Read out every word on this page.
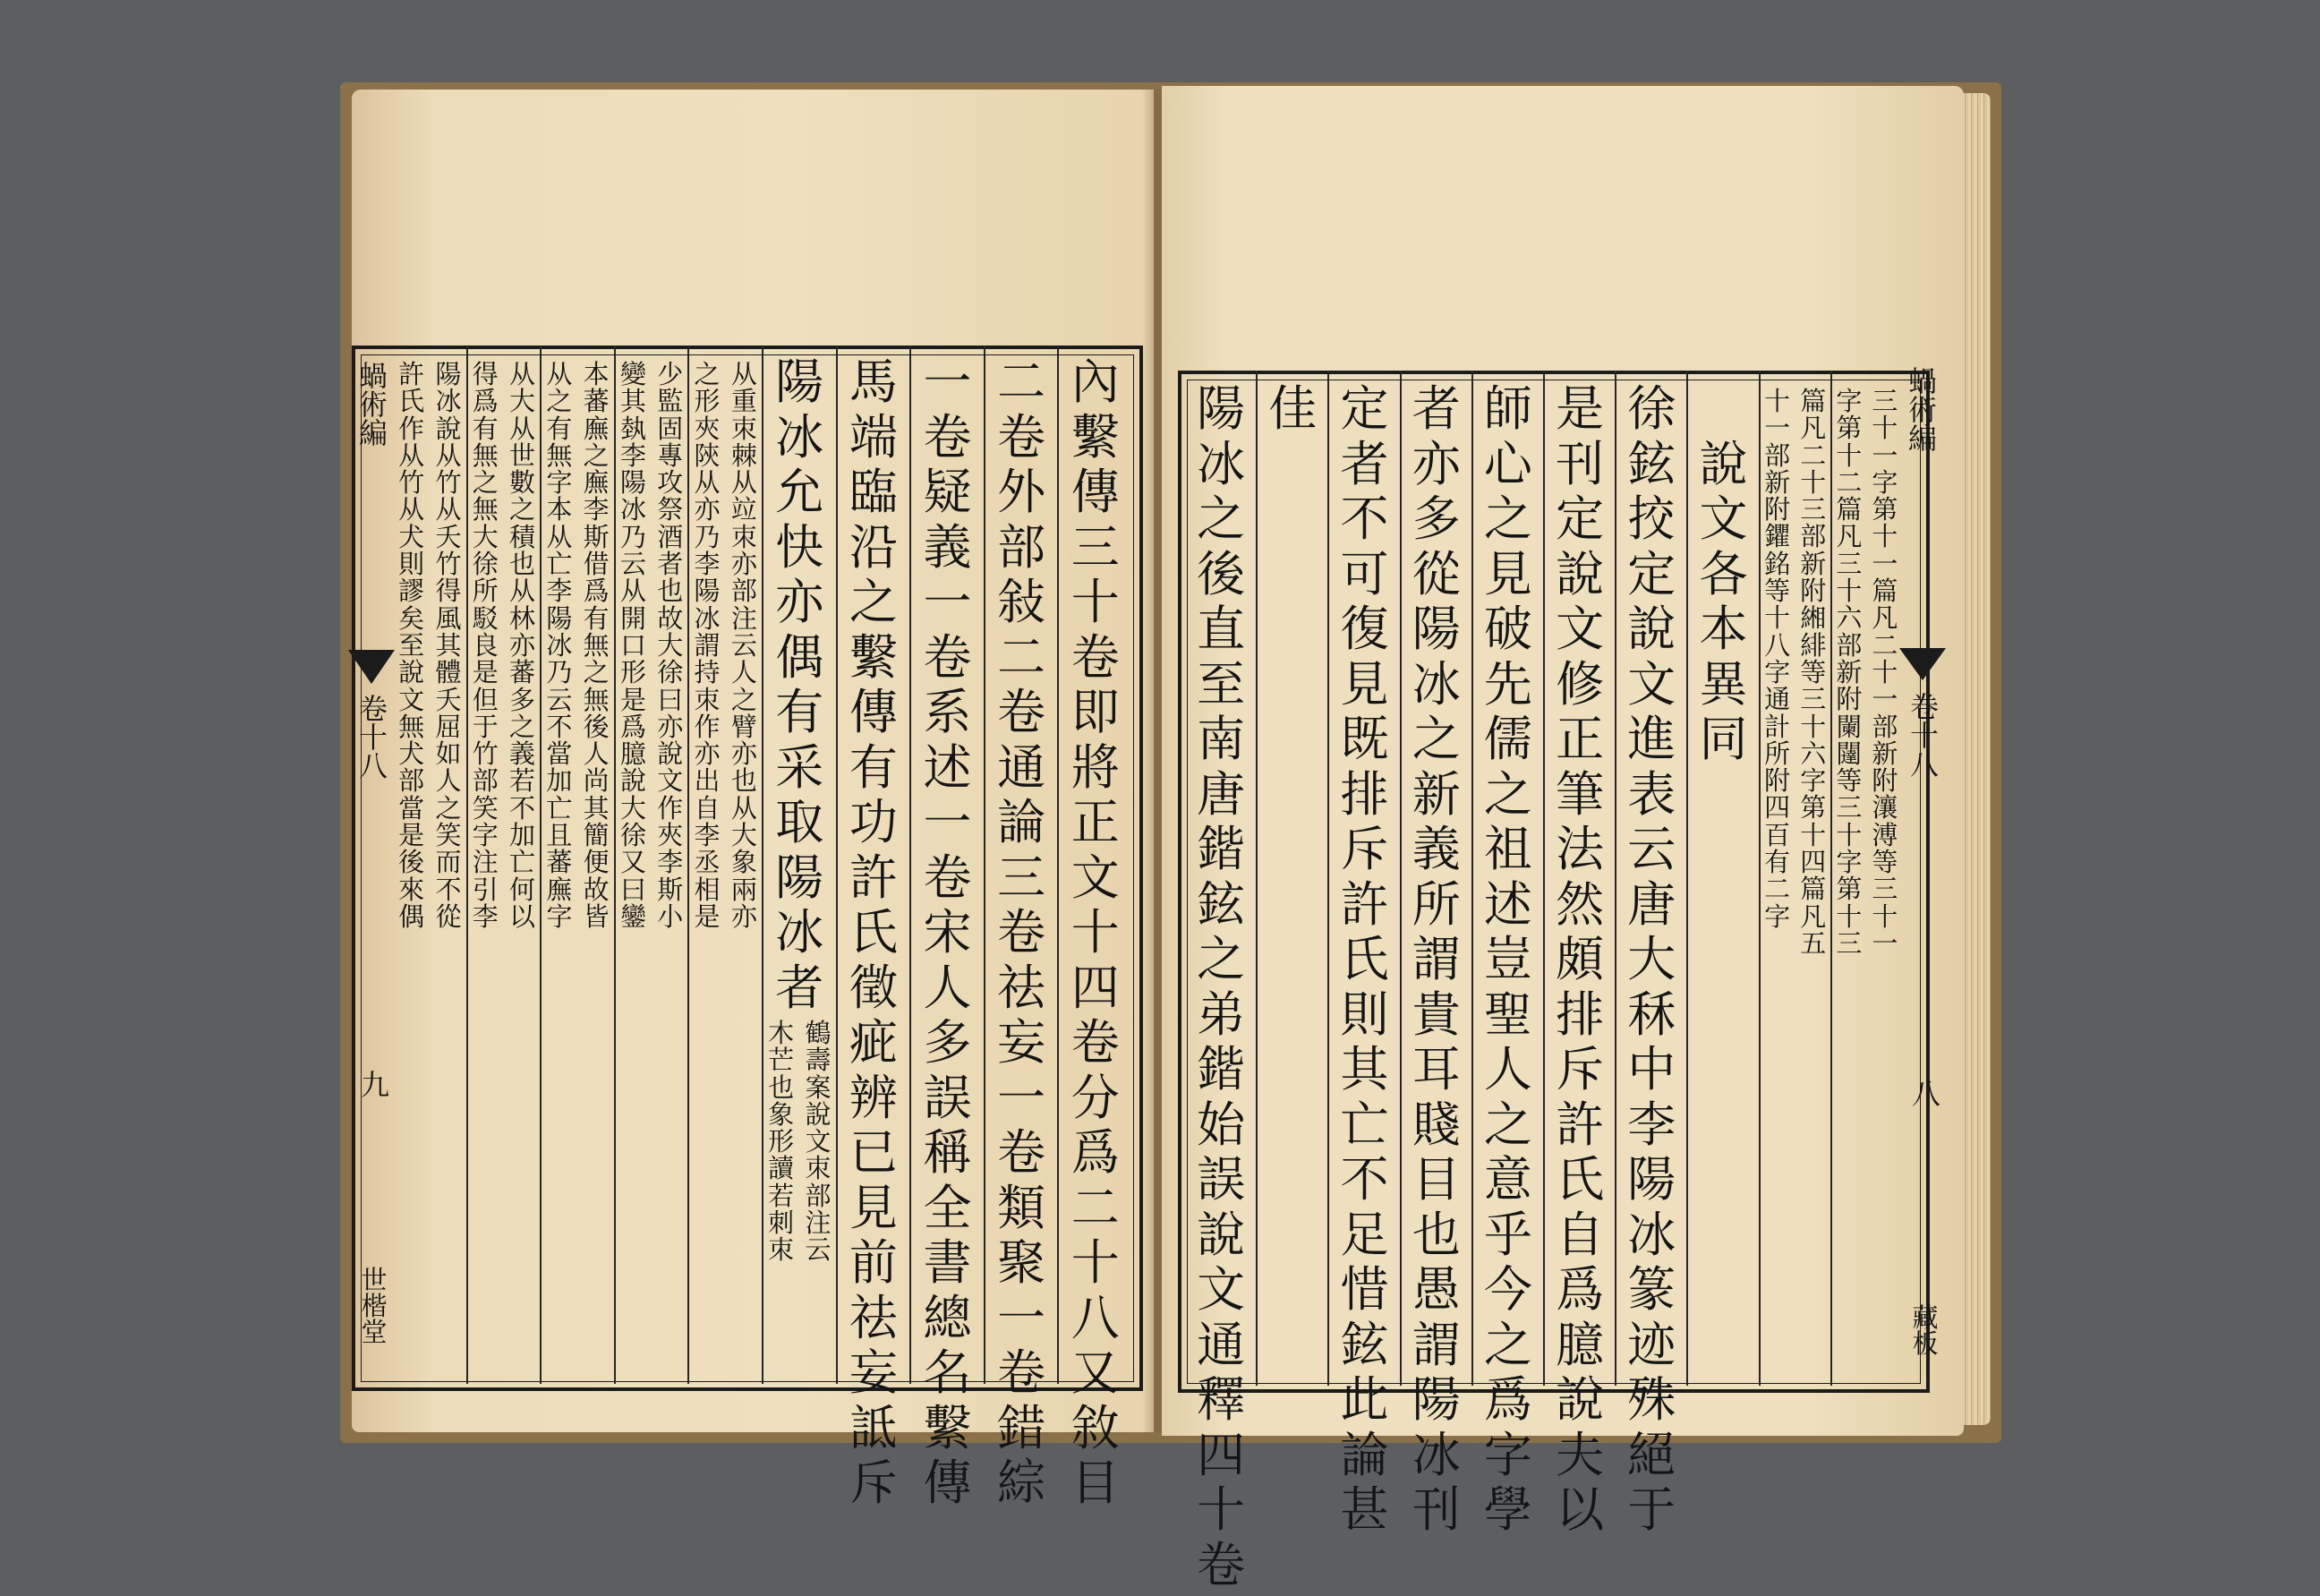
蝸術編
卷十八
九
世楷堂
內
繫
傳
三
十
卷
即
將
正
文
十
四
卷
分
爲
二
十
八
又
敘
目
二
卷
外
部
敍
二
卷
通
論
三
卷
祛
妄
一
卷
類
聚
一
卷
錯
綜
一
卷
疑
義
一
卷
系
述
一
卷
宋
人
多
誤
稱
全
書
總
名
繫
傳
馬
端
臨
沿
之
繫
傳
有
功
許
氏
徵
疵
辨
已
見
前
祛
妄
詆
斥
陽
冰
允
快
亦
偶
有
采
取
陽
冰
者
鶴
壽
案
說
文
朿
部
注
云
木
芒
也
象
形
讀
若
刺
朿
从
重
朿
棘
从
竝
朿
亦
部
注
云
人
之
臂
亦
也
从
大
象
兩
亦
之
形
夾
陝
从
亦
乃
李
陽
冰
謂
持
朿
作
亦
出
自
李
丞
相
是
少
監
固
專
攻
祭
酒
者
也
故
大
徐
曰
亦
說
文
作
夾
李
斯
小
變
其
埶
李
陽
冰
乃
云
从
開
口
形
是
爲
臆
說
大
徐
又
曰
鑾
本
蕃
廡
之
廡
李
斯
借
爲
有
無
之
無
後
人
尚
其
簡
便
故
皆
从
之
有
無
字
本
从
亡
李
陽
冰
乃
云
不
當
加
亡
且
蕃
廡
字
从
大
从
世
數
之
積
也
从
林
亦
蕃
多
之
義
若
不
加
亡
何
以
得
爲
有
無
之
無
大
徐
所
駁
良
是
但
于
竹
部
笑
字
注
引
李
陽
冰
說
从
竹
从
夭
竹
得
風
其
體
夭
屈
如
人
之
笑
而
不
從
許
氏
作
从
竹
从
犬
則
謬
矣
至
說
文
無
犬
部
當
是
後
來
偶
蝸術編
卷十八
八
藏板
三
十
一
字
第
十
一
篇
凡
二
十
一
部
新
附
瀼
溥
等
三
十
一
字
第
十
二
篇
凡
三
十
六
部
新
附
闌
闥
等
三
十
字
第
十
三
篇
凡
二
十
三
部
新
附
緗
緋
等
三
十
六
字
第
十
四
篇
凡
五
十
一
部
新
附
鑺
銘
等
十
八
字
通
計
所
附
四
百
有
二
字
說
文
各
本
異
同
徐
鉉
挍
定
說
文
進
表
云
唐
大
秝
中
李
陽
冰
篆
迹
殊
絕
于
是
刊
定
說
文
修
正
筆
法
然
頗
排
斥
許
氏
自
爲
臆
說
夫
以
師
心
之
見
破
先
儒
之
祖
述
豈
聖
人
之
意
乎
今
之
爲
字
學
者
亦
多
從
陽
冰
之
新
義
所
謂
貴
耳
賤
目
也
愚
謂
陽
冰
刊
定
者
不
可
復
見
既
排
斥
許
氏
則
其
亡
不
足
惜
鉉
此
論
甚
佳
陽
冰
之
後
直
至
南
唐
鍇
鉉
之
弟
鍇
始
誤
說
文
通
釋
四
十
卷
